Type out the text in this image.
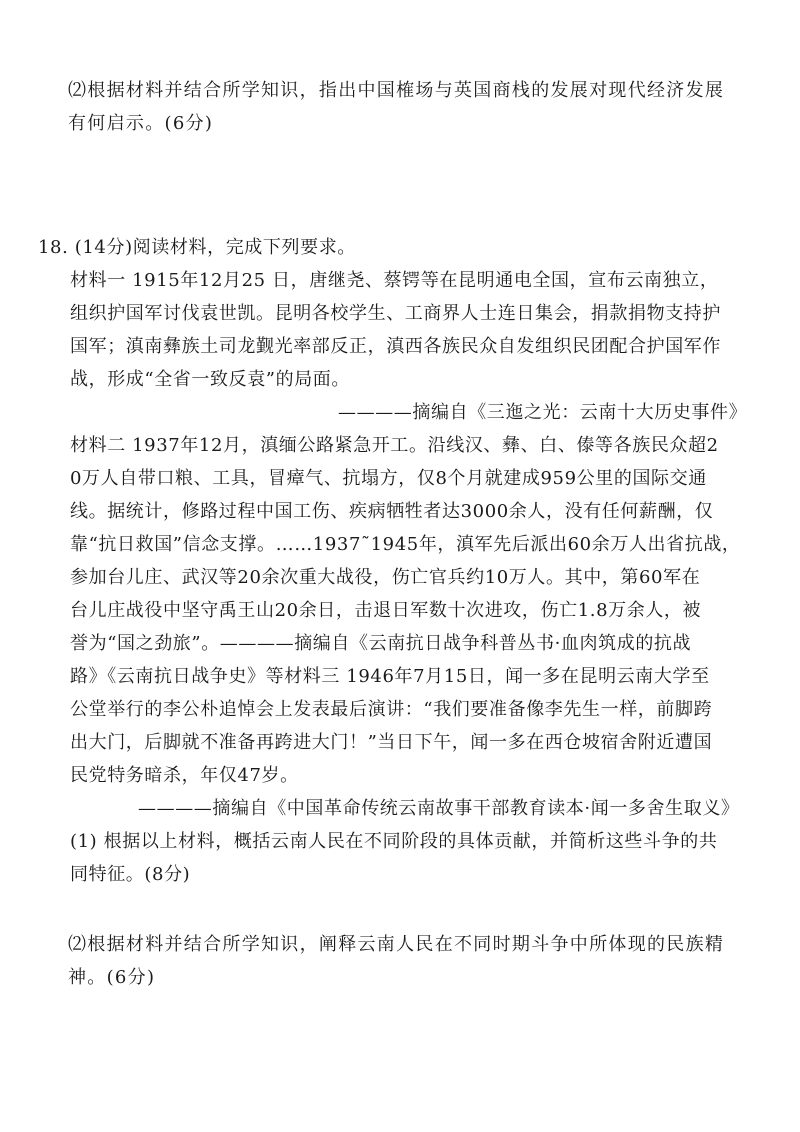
⑵根据材料并结合所学知识，指出中国榷场与英国商栈的发展对现代经济发展
有何启示。(6分)
18. (14分)阅读材料，完成下列要求。
材料一 1915年12月25 日，唐继尧、蔡锷等在昆明通电全国，宣布云南独立，
组织护国军讨伐袁世凯。昆明各校学生、工商界人士连日集会，捐款捐物支持护
国军；滇南彝族土司龙觐光率部反正，滇西各族民众自发组织民团配合护国军作
战，形成“全省一致反袁”的局面。
————摘编自《三迤之光：云南十大历史事件》
材料二 1937年12月，滇缅公路紧急开工。沿线汉、彝、白、傣等各族民众超2
0万人自带口粮、工具，冒瘴气、抗塌方，仅8个月就建成959公里的国际交通
线。据统计，修路过程中国工伤、疾病牺牲者达3000余人，没有任何薪酬，仅
靠“抗日救国”信念支撑。……1937˜1945年，滇军先后派出60余万人出省抗战，
参加台儿庄、武汉等20余次重大战役，伤亡官兵约10万人。其中，第60军在
台儿庄战役中坚守禹王山20余日，击退日军数十次进攻，伤亡1.8万余人，被
誉为“国之劲旅”。————摘编自《云南抗日战争科普丛书·血肉筑成的抗战
路》《云南抗日战争史》等材料三 1946年7月15日，闻一多在昆明云南大学至
公堂举行的李公朴追悼会上发表最后演讲：“我们要准备像李先生一样，前脚跨
出大门，后脚就不准备再跨进大门！”当日下午，闻一多在西仓坡宿舍附近遭国
民党特务暗杀，年仅47岁。
————摘编自《中国革命传统云南故事干部教育读本·闻一多舍生取义》
(1) 根据以上材料，概括云南人民在不同阶段的具体贡献，并简析这些斗争的共
同特征。(8分)
⑵根据材料并结合所学知识，阐释云南人民在不同时期斗争中所体现的民族精
神。(6分)
